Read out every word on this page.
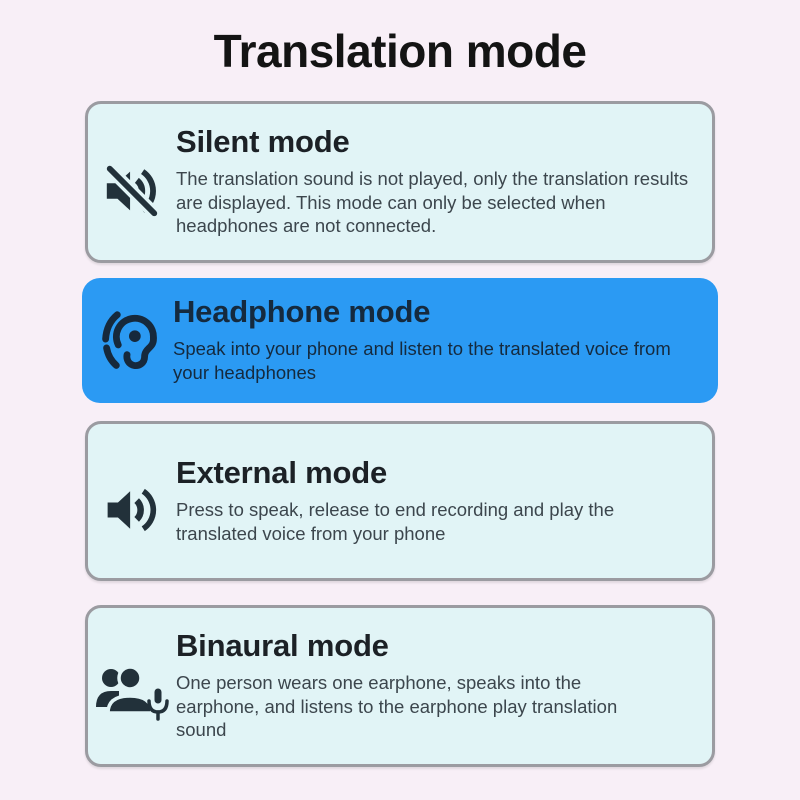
Translation mode
Silent mode

The translation sound is not played, only the translation results are displayed. This mode can only be selected when headphones are not connected.

Headphone mode

Speak into your phone and listen to the translated voice from your headphones

External mode

Press to speak, release to end recording and play the translated voice from your phone

Binaural mode

One person wears one earphone, speaks into the earphone, and listens to the earphone play translation sound
